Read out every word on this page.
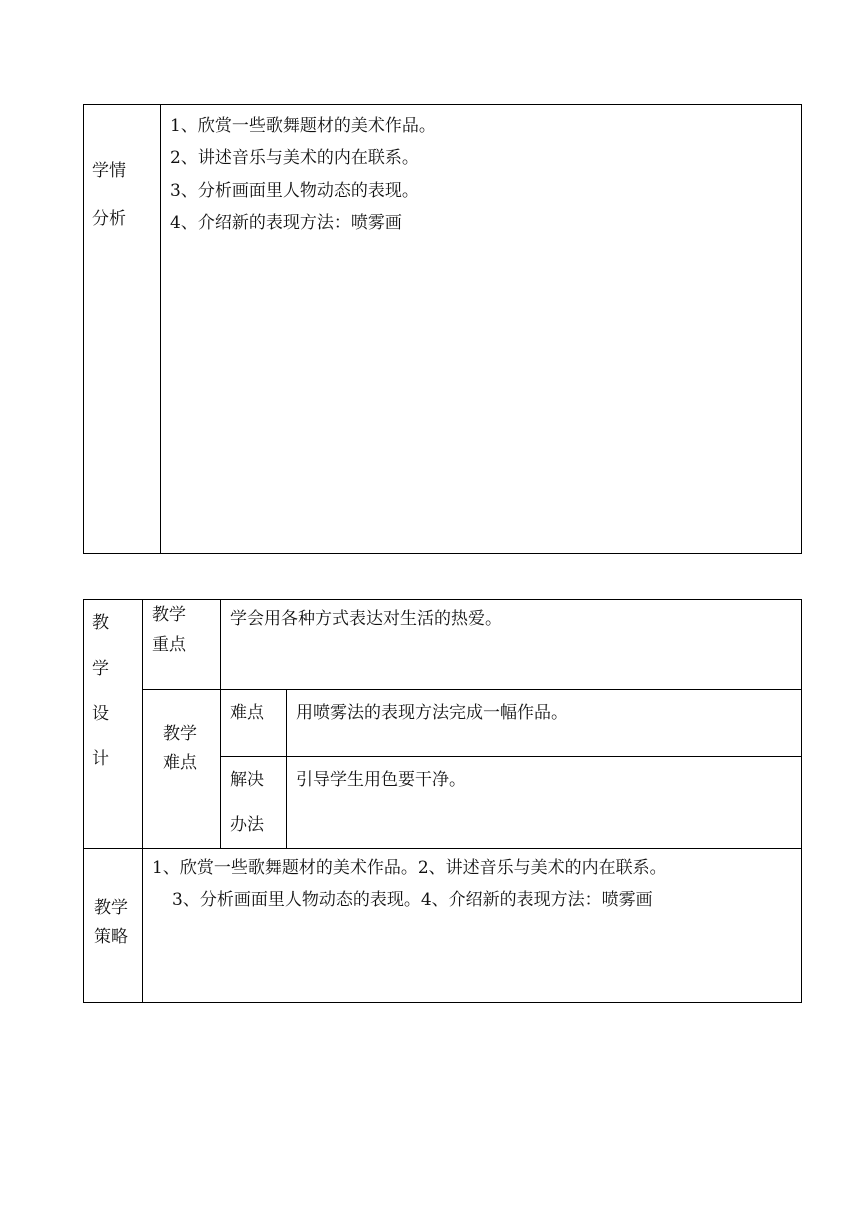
学情
分析
1、欣赏一些歌舞题材的美术作品。
2、讲述音乐与美术的内在联系。
3、分析画面里人物动态的表现。
4、介绍新的表现方法：喷雾画
教
学
设
计
教学
重点
学会用各种方式表达对生活的热爱。
教学
难点
难点 用喷雾法的表现方法完成一幅作品。
解决
办法
引导学生用色要干净。
教学
策略
1、欣赏一些歌舞题材的美术作品。2、讲述音乐与美术的内在联系。
3、分析画面里人物动态的表现。4、介绍新的表现方法：喷雾画
